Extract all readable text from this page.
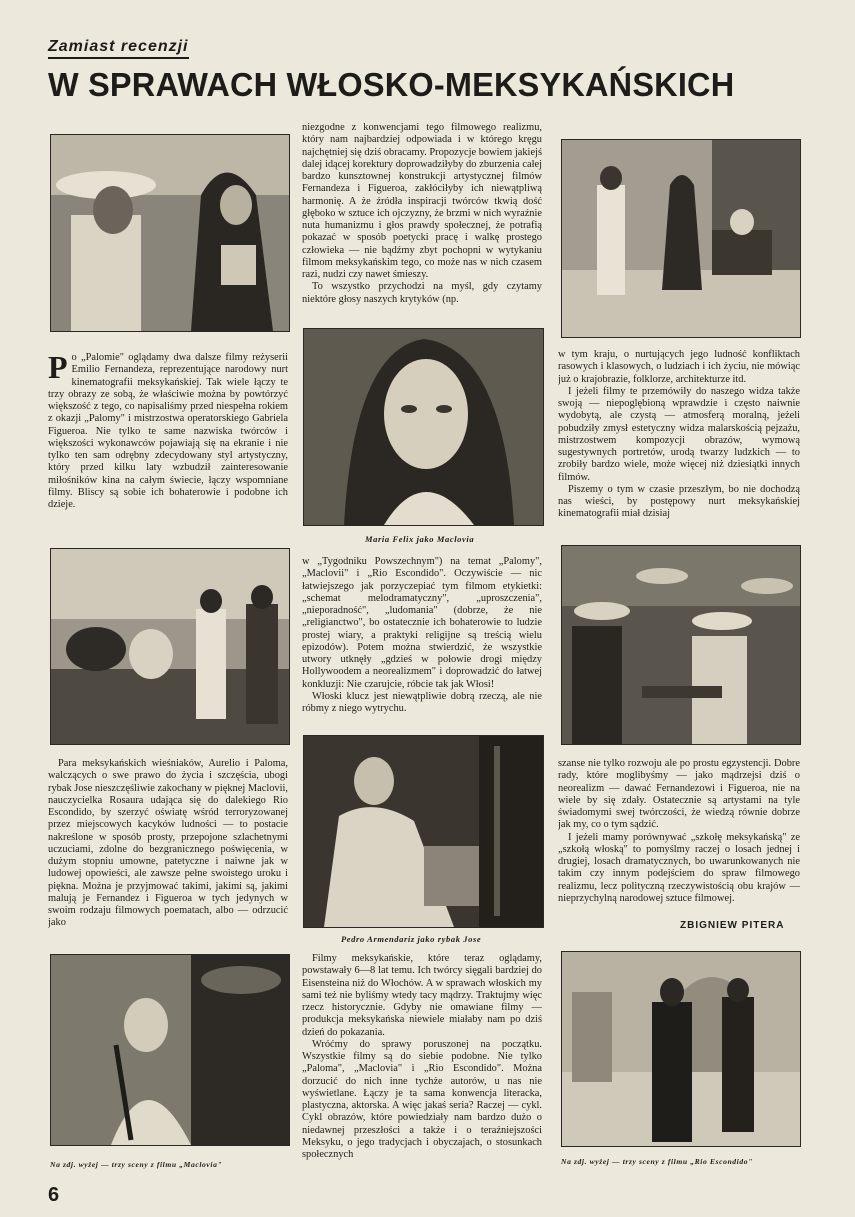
Zamiast recenzji
W SPRAWACH WŁOSKO-MEKSYKAŃSKICH
Maria Felix jako Maclovia
Pedro Armendariz jako rybak Jose
Na zdj. wyżej — trzy sceny z filmu „Maclovia"	Na zdj. wyżej — trzy sceny z filmu „Rio Escondido"
P o „Palomie" oglądamy dwa dalsze filmy reżyserii Emilio Fernandeza, reprezentujące narodowy nurt kinematografii meksykańskiej. Tak wiele łączy te trzy obrazy ze sobą, że właściwie można by powtórzyć większość z tego, co napisaliśmy przed niespełna rokiem z okazji „Palomy" i mistrzostwa operatorskiego Gabriela Figueroa. Nie tylko te same nazwiska twórców i większości wykonawców pojawiają się na ekranie i nie tylko ten sam odrębny zdecydowany styl artystyczny, który przed kilku laty wzbudził zainteresowanie miłośników kina na całym świecie, łączy wspomniane filmy. Bliscy są sobie ich bohaterowie i podobne ich dzieje.

niezgodne z konwencjami tego filmowego realizmu, który nam najbardziej odpowiada i w którego kręgu najchętniej się dziś obracamy. Propozycje bowiem jakiejś dalej idącej korektury doprowadziłyby do zburzenia całej bardzo kunsztownej konstrukcji artystycznej filmów Fernandeza i Figueroa, zakłóciłyby ich niewątpliwą harmonię. A że źródła inspiracji twórców tkwią dość głęboko w sztuce ich ojczyzny, że brzmi w nich wyraźnie nuta humanizmu i głos prawdy społecznej, że potrafią pokazać w sposób poetycki pracę i walkę prostego człowieka — nie bądźmy zbyt pochopni w wytykaniu filmom meksykańskim tego, co może nas w nich czasem razi, nudzi czy nawet śmieszy.

To wszystko przychodzi na myśl, gdy czytamy niektóre głosy naszych krytyków (np.

w tym kraju, o nurtujących jego ludność konfliktach rasowych i klasowych, o ludziach i ich życiu, nie mówiąc już o krajobrazie, folklorze, architekturze itd.

I jeżeli filmy te przemówiły do naszego widza także swoją — niepoglębioną wprawdzie i często naiwnie wydobytą, ale czystą — atmosferą moralną, jeżeli pobudziły zmysł estetyczny widza malarskością pejzażu, mistrzostwem kompozycji obrazów, wymową sugestywnych portretów, urodą twarzy ludzkich — to zrobiły bardzo wiele, może więcej niż dziesiątki innych filmów.

Piszemy o tym w czasie przeszłym, bo nie dochodzą nas wieści, by postępowy nurt meksykańskiej kinematografii miał dzisiaj

w „Tygodniku Powszechnym") na temat „Palomy", „Maclovii" i „Rio Escondido". Oczywiście — nic łatwiejszego jak porzyczepiać tym filmom etykietki: „schemat melodramatyczny", „uproszczenia", „nieporadność", „ludomania" (dobrze, że nie „religianctwo", bo ostatecznie ich bohaterowie to ludzie prostej wiary, a praktyki religijne są treścią wielu epizodów). Potem można stwierdzić, że wszystkie utwory utknęły „gdzieś w połowie drogi między Hollywoodem a neorealizmem" i doprowadzić do łatwej konkluzji: Nie czarujcie, róbcie tak jak Włosi!

Włoski klucz jest niewątpliwie dobrą rzeczą, ale nie róbmy z niego wytrychu.

Para meksykańskich wieśniaków, Aurelio i Paloma, walczących o swe prawo do życia i szczęścia, ubogi rybak Jose nieszczęśliwie zakochany w pięknej Maclovii, nauczycielka Rosaura udająca się do dalekiego Rio Escondido, by szerzyć oświatę wśród terroryzowanej przez miejscowych kacyków ludności — to postacie nakreślone w sposób prosty, przepojone szlachetnymi uczuciami, zdolne do bezgranicznego poświęcenia, w dużym stopniu umowne, patetyczne i naiwne jak w ludowej opowieści, ale zawsze pełne swoistego uroku i piękna. Można je przyjmować takimi, jakimi są, jakimi malują je Fernandez i Figueroa w tych jedynych w swoim rodzaju filmowych poematach, albo — odrzucić jako

szanse nie tylko rozwoju ale po prostu egzystencji. Dobre rady, które moglibyśmy — jako mądrzejsi dziś o neorealizm — dawać Fernandezowi i Figueroa, nie na wiele by się zdały. Ostatecznie są artystami na tyle świadomymi swej twórczości, że wiedzą równie dobrze jak my, co o tym sądzić.

I jeżeli mamy porównywać „szkołę meksykańską" ze „szkołą włoską" to pomyślmy raczej o losach jednej i drugiej, losach dramatycznych, bo uwarunkowanych nie takim czy innym podejściem do spraw filmowego realizmu, lecz polityczną rzeczywistością obu krajów — nieprzychylną narodowej sztuce filmowej.

ZBIGNIEW PITERA

Filmy meksykańskie, które teraz oglądamy, powstawały 6—8 lat temu. Ich twórcy sięgali bardziej do Eisensteina niż do Włochów. A w sprawach włoskich my sami też nie byliśmy wtedy tacy mądrzy. Traktujmy więc rzecz historycznie. Gdyby nie omawiane filmy — produkcja meksykańska niewiele miałaby nam po dziś dzień do pokazania.

Wróćmy do sprawy poruszonej na początku. Wszystkie filmy są do siebie podobne. Nie tylko „Paloma", „Maclovia" i „Rio Escondido". Można dorzucić do nich inne tychże autorów, u nas nie wyświetlane. Łączy je ta sama konwencja literacka, plastyczna, aktorska. A więc jakaś seria? Raczej — cykl. Cykl obrazów, które powiedziały nam bardzo dużo o niedawnej przeszłości a także i o teraźniejszości Meksyku, o jego tradycjach i obyczajach, o stosunkach społecznych

6
